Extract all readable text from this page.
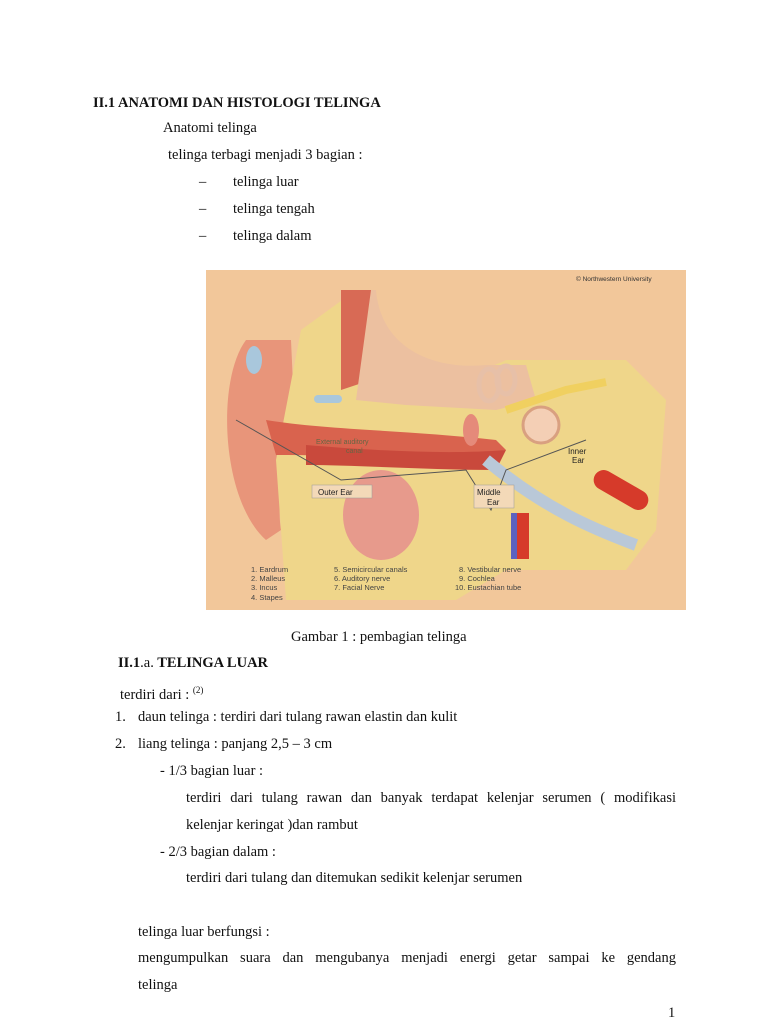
II.1 ANATOMI DAN HISTOLOGI TELINGA
Anatomi telinga
telinga terbagi menjadi 3 bagian :
– telinga luar
– telinga tengah
– telinga dalam
© Northwestern University
External auditory
canal
Outer Ear	Middle
Ear
Inner
Ear
1. Eardrum
2. Malleus
3. Incus
4. Stapes
5. Semicircular canals
6. Auditory nerve
7. Facial Nerve
8. Vestibular nerve
9. Cochlea
10. Eustachian tube
Gambar 1 : pembagian telinga
II.1.a. TELINGA LUAR
terdiri dari : $^{(2)}$
1. daun telinga : terdiri dari tulang rawan elastin dan kulit
2. liang telinga : panjang 2,5 – 3 cm
- 1/3 bagian luar :
terdiri dari tulang rawan dan banyak terdapat kelenjar serumen ( modifikasi
kelenjar keringat )dan rambut
- 2/3 bagian dalam :
terdiri dari tulang dan ditemukan sedikit kelenjar serumen
telinga luar berfungsi :
mengumpulkan suara dan mengubanya menjadi energi getar sampai ke gendang
telinga
1
